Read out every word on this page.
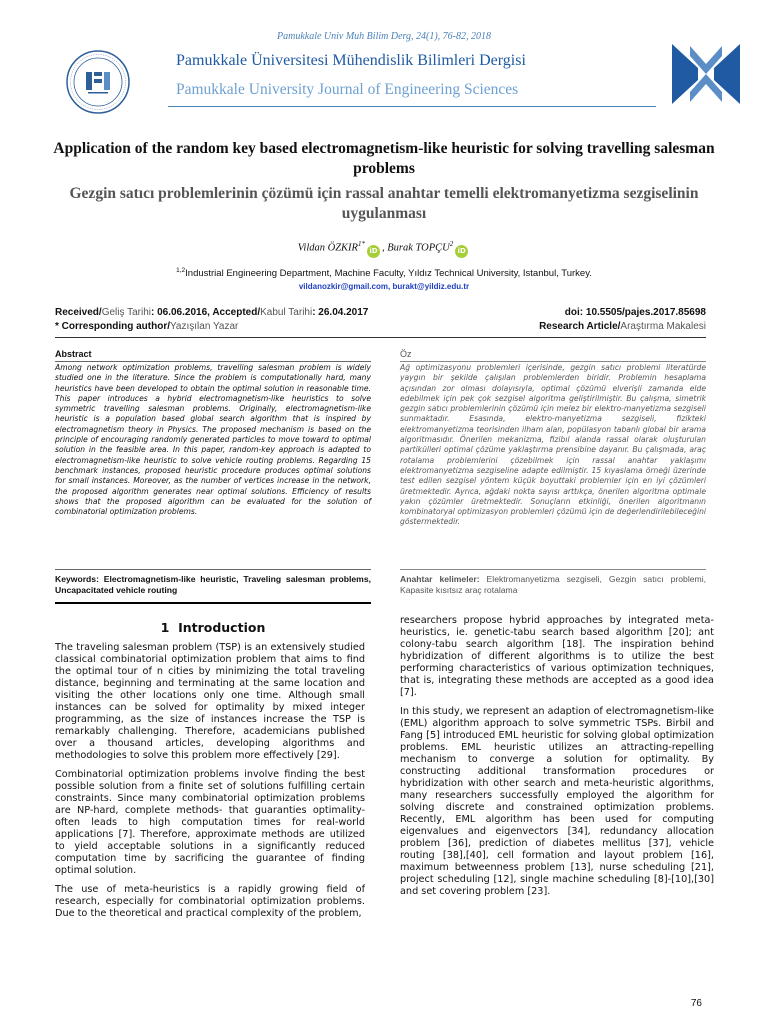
Pamukkale Univ Muh Bilim Derg, 24(1), 76-82, 2018
Pamukkale Üniversitesi Mühendislik Bilimleri Dergisi
Pamukkale University Journal of Engineering Sciences
Application of the random key based electromagnetism-like heuristic for solving travelling salesman problems
Gezgin satıcı problemlerinin çözümü için rassal anahtar temelli elektromanyetizma sezgiselinin uygulanması
Vildan $ÖZKIR^{1*}iD$ , Burak TOPÇU$^2$iD
$^{1,2}$Industrial Engineering Department, Machine Faculty, Yıldız Technical University, Istanbul, Turkey.
vildanozkir@gmail.com, burakt@yildiz.edu.tr
Received/Geliş Tarihi: 06.06.2016, Accepted/Kabul Tarihi: 26.04.2017	doi: 10.5505/pajes.2017.85698
* Corresponding author/Yazışılan Yazar	Research Article/Araştırma Makalesi
Abstract
Among network optimization problems, travelling salesman problem is widely studied one in the literature. Since the problem is computationally hard, many heuristics have been developed to obtain the optimal solution in reasonable time. This paper introduces a hybrid electromagnetism-like heuristics to solve symmetric travelling salesman problems. Originally, electromagnetism-like heuristic is a population based global search algorithm that is inspired by electromagnetism theory in Physics. The proposed mechanism is based on the principle of encouraging randomly generated particles to move toward to optimal solution in the feasible area. In this paper, random-key approach is adapted to electromagnetism-like heuristic to solve vehicle routing problems. Regarding 15 benchmark instances, proposed heuristic procedure produces optimal solutions for small instances. Moreover, as the number of vertices increase in the network, the proposed algorithm generates near optimal solutions. Efficiency of results shows that the proposed algorithm can be evaluated for the solution of combinatorial optimization problems.
Keywords: Electromagnetism-like heuristic, Traveling salesman problems, Uncapacitated vehicle routing
Öz
Ağ optimizasyonu problemleri içerisinde, gezgin satıcı problemi literatürde yaygın bir şekilde çalışılan problemlerden biridir. Problemin hesaplama açısından zor olması dolayısıyla, optimal çözümü elverişli zamanda elde edebilmek için pek çok sezgisel algoritma geliştirilmiştir. Bu çalışma, simetrik gezgin satıcı problemlerinin çözümü için melez bir elektro-manyetizma sezgiseli sunmaktadır. Esasında, elektro-manyetizma sezgiseli, fizikteki elektromanyetizma teorisinden ilham alan, popülasyon tabanlı global bir arama algoritmasıdır. Önerilen mekanizma, fizibıl alanda rassal olarak oluşturulan partikülleri optimal çözüme yaklaştırma prensibine dayanır. Bu çalışmada, araç rotalama problemlerini çözebilmek için rassal anahtar yaklaşımı elektromanyetizma sezgiseline adapte edilmiştir. 15 kıyaslama örneği üzerinde test edilen sezgisel yöntem küçük boyuttaki problemler için en iyi çözümleri üretmektedir. Ayrıca, ağdaki nokta sayısı arttıkça, önerilen algoritma optimale yakın çözümler üretmektedir. Sonuçların etkinliği, önerilen algoritmanın kombinatoryal optimizasyon problemleri çözümü için de değerlendirilebileceğini göstermektedir.
Anahtar kelimeler: Elektromanyetizma sezgiseli, Gezgin satıcı problemi, Kapasite kısıtsız araç rotalama
1 Introduction

The traveling salesman problem (TSP) is an extensively studied classical combinatorial optimization problem that aims to find the optimal tour of n cities by minimizing the total traveling distance, beginning and terminating at the same location and visiting the other locations only one time. Although small instances can be solved for optimality by mixed integer programming, as the size of instances increase the TSP is remarkably challenging. Therefore, academicians published over a thousand articles, developing algorithms and methodologies to solve this problem more effectively [29].

Combinatorial optimization problems involve finding the best possible solution from a finite set of solutions fulfilling certain constraints. Since many combinatorial optimization problems are NP-hard, complete methods- that guaranties optimality- often leads to high computation times for real-world applications [7]. Therefore, approximate methods are utilized to yield acceptable solutions in a significantly reduced computation time by sacrificing the guarantee of finding optimal solution.

The use of meta-heuristics is a rapidly growing field of research, especially for combinatorial optimization problems. Due to the theoretical and practical complexity of the problem,

researchers propose hybrid approaches by integrated meta-heuristics, ie. genetic-tabu search based algorithm [20]; ant colony-tabu search algorithm [18]. The inspiration behind hybridization of different algorithms is to utilize the best performing characteristics of various optimization techniques, that is, integrating these methods are accepted as a good idea [7].

In this study, we represent an adaption of electromagnetism-like (EML) algorithm approach to solve symmetric TSPs. Birbil and Fang [5] introduced EML heuristic for solving global optimization problems. EML heuristic utilizes an attracting-repelling mechanism to converge a solution for optimality. By constructing additional transformation procedures or hybridization with other search and meta-heuristic algorithms, many researchers successfully employed the algorithm for solving discrete and constrained optimization problems. Recently, EML algorithm has been used for computing eigenvalues and eigenvectors [34], redundancy allocation problem [36], prediction of diabetes mellitus [37], vehicle routing [38],[40], cell formation and layout problem [16], maximum betweenness problem [13], nurse scheduling [21], project scheduling [12], single machine scheduling [8]-[10],[30] and set covering problem [23].

76
